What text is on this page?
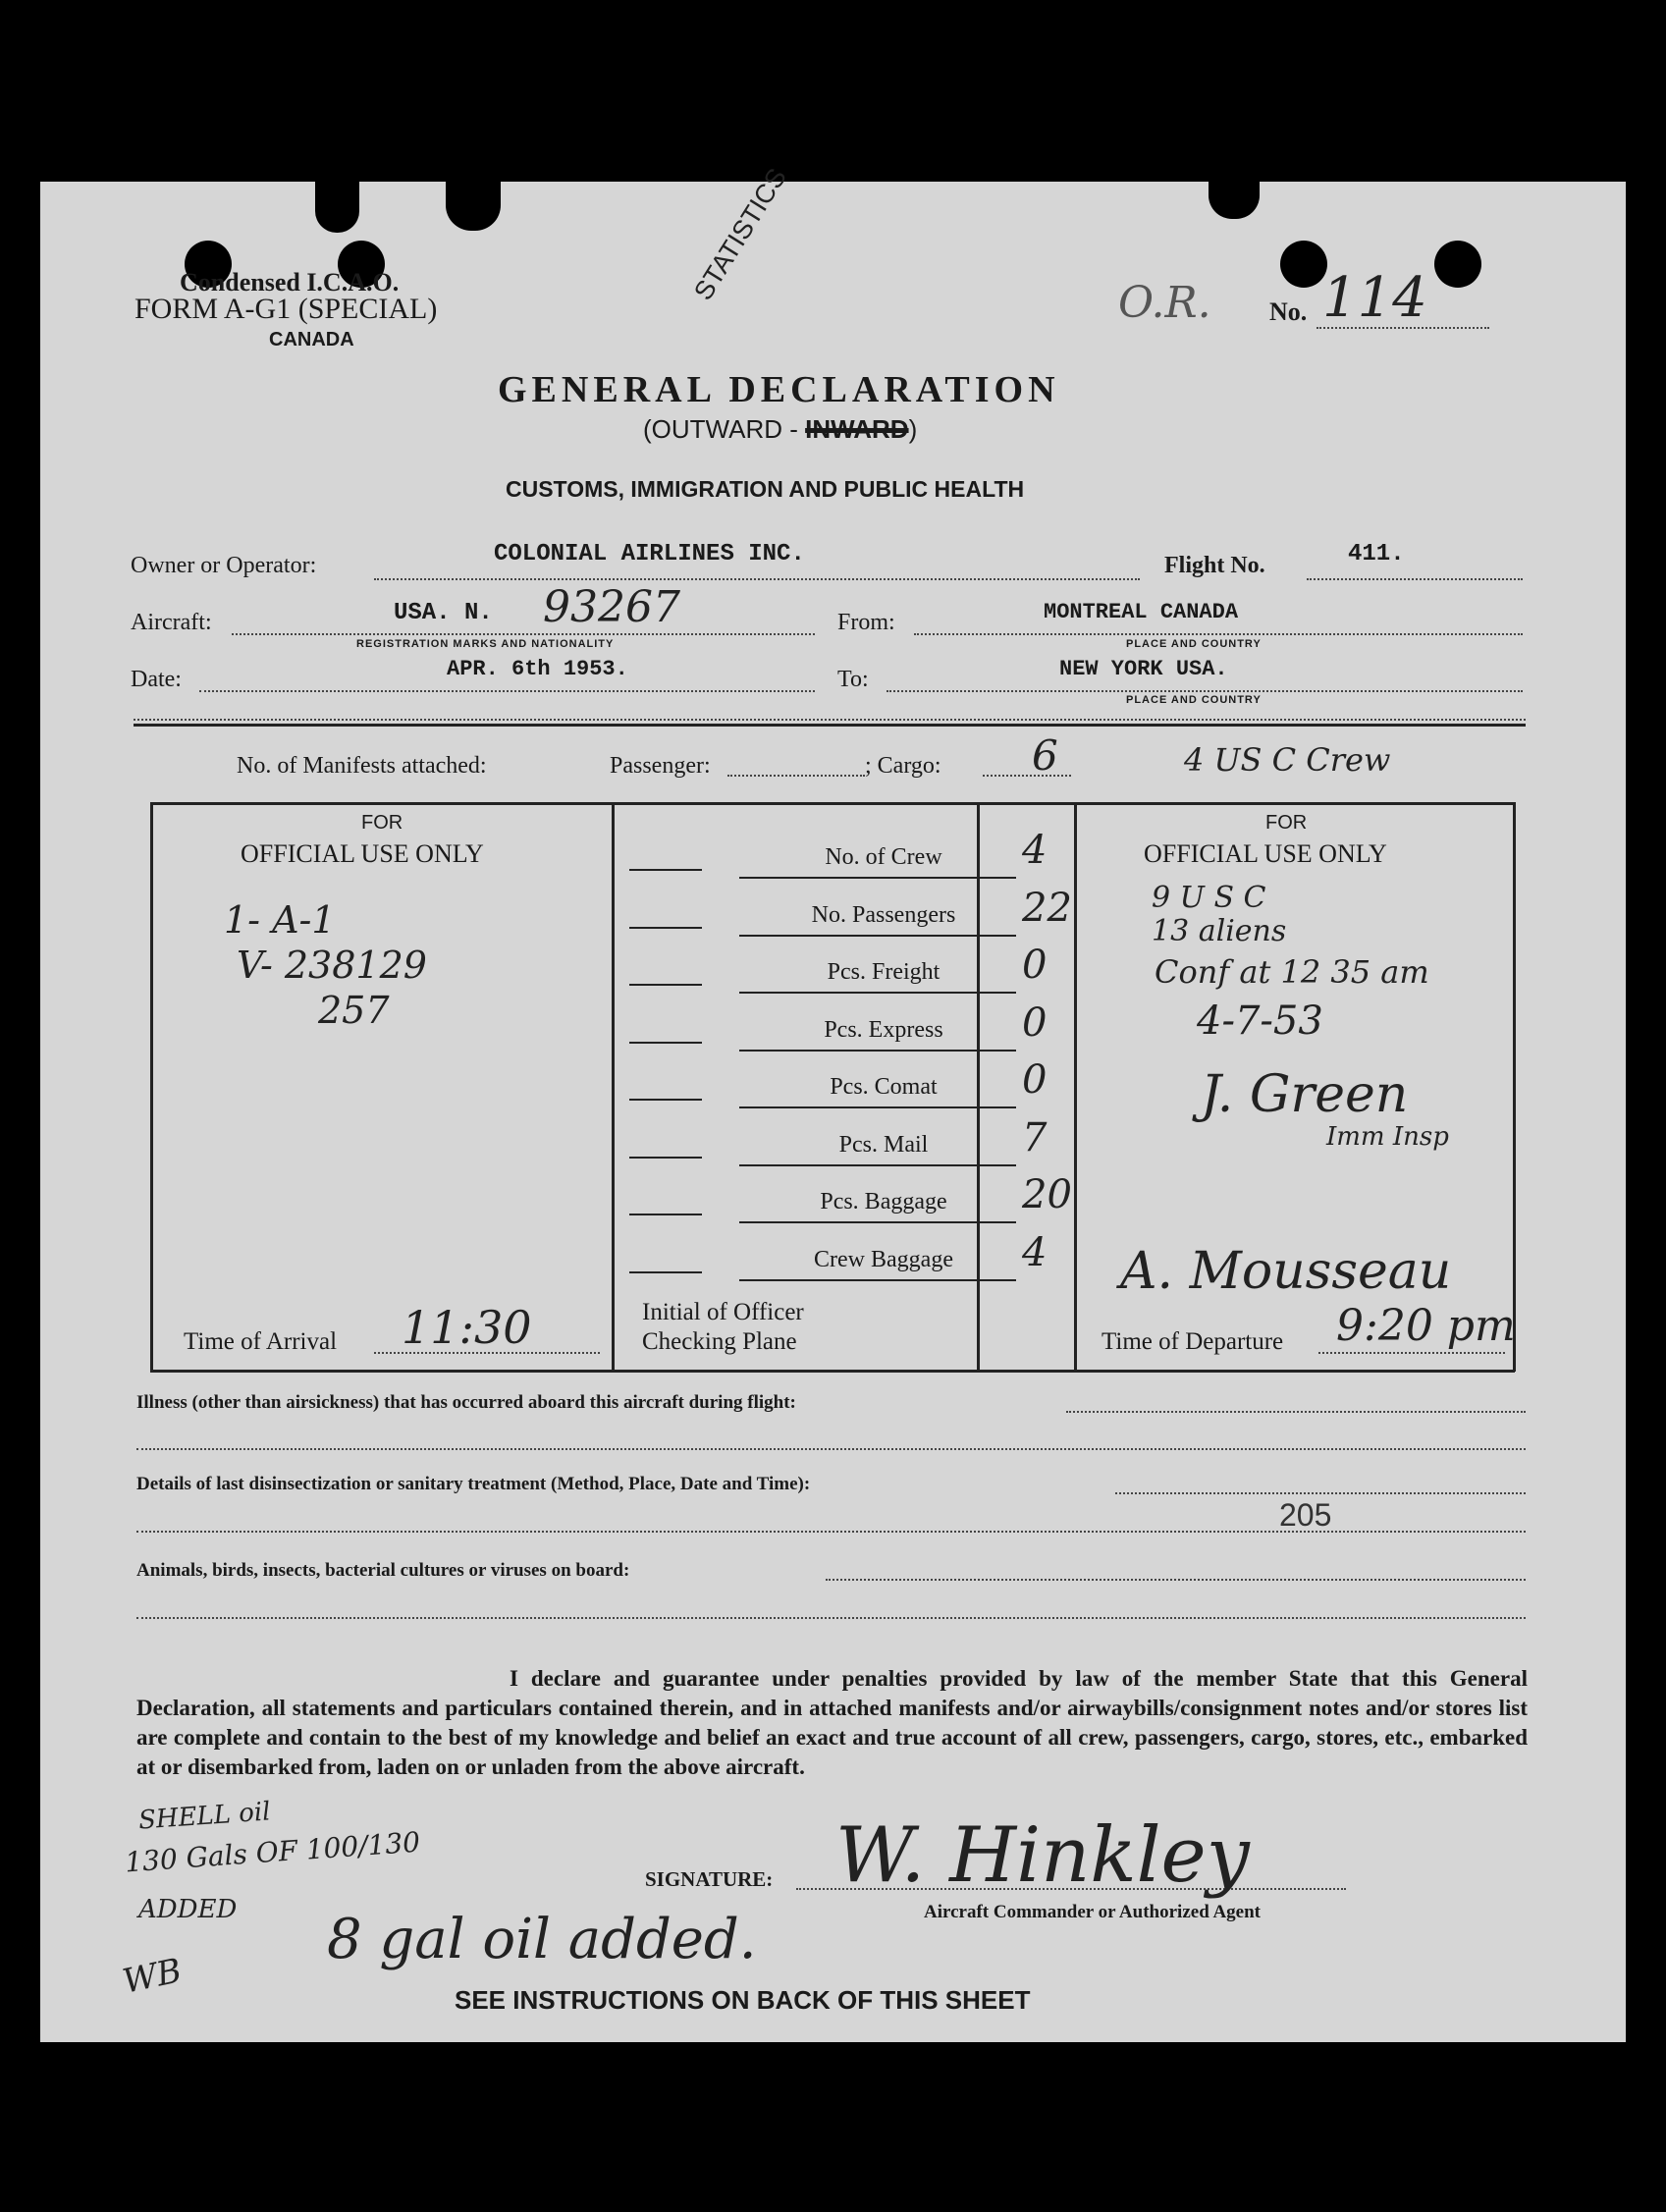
Condensed I.C.A.O.
FORM A-G1 (SPECIAL)
CANADA
STATISTICS	O.R. No. 114
GENERAL DECLARATION
(OUTWARD - INWARD)
CUSTOMS, IMMIGRATION AND PUBLIC HEALTH
Owner or Operator:	COLONIAL AIRLINES INC.	Flight No.	411.
Aircraft:	USA. N. 93267
REGISTRATION MARKS AND NATIONALITY
From:	MONTREAL CANADA
PLACE AND COUNTRY
Date:	APR. 6th 1953.	To:	NEW YORK USA.
PLACE AND COUNTRY
No. of Manifests attached:	Passenger:	; Cargo: 6	4 US C Crew
FOR
OFFICIAL USE ONLY
1- A-1
V- 238129
257
FOR
OFFICIAL USE ONLY
9 U S C
13 aliens
Conf at 12 35 am
4-7-53
J. Green
Imm Insp
A. Mousseau
No. of Crew	4
No. Passengers	22
Pcs. Freight	0
Pcs. Express	0
Pcs. Comat	0
Pcs. Mail	7
Pcs. Baggage	20
Crew Baggage	4
Time of Arrival 11:30	Initial of Officer
Checking Plane	Time of Departure 9:20 pm
Illness (other than airsickness) that has occurred aboard this aircraft during flight:
Details of last disinsectization or sanitary treatment (Method, Place, Date and Time):
205
Animals, birds, insects, bacterial cultures or viruses on board:
I declare and guarantee under penalties provided by law of the member State that this General Declaration, all statements and particulars contained therein, and in attached manifests and/or airwaybills/consignment notes and/or stores list are complete and contain to the best of my knowledge and belief an exact and true account of all crew, passengers, cargo, stores, etc., embarked at or disembarked from, laden on or unladen from the above aircraft.
SHELL oil
130 Gals OF 100/130
ADDED
WB
8 gal oil added.
SIGNATURE: W. Hinkley
Aircraft Commander or Authorized Agent
SEE INSTRUCTIONS ON BACK OF THIS SHEET
